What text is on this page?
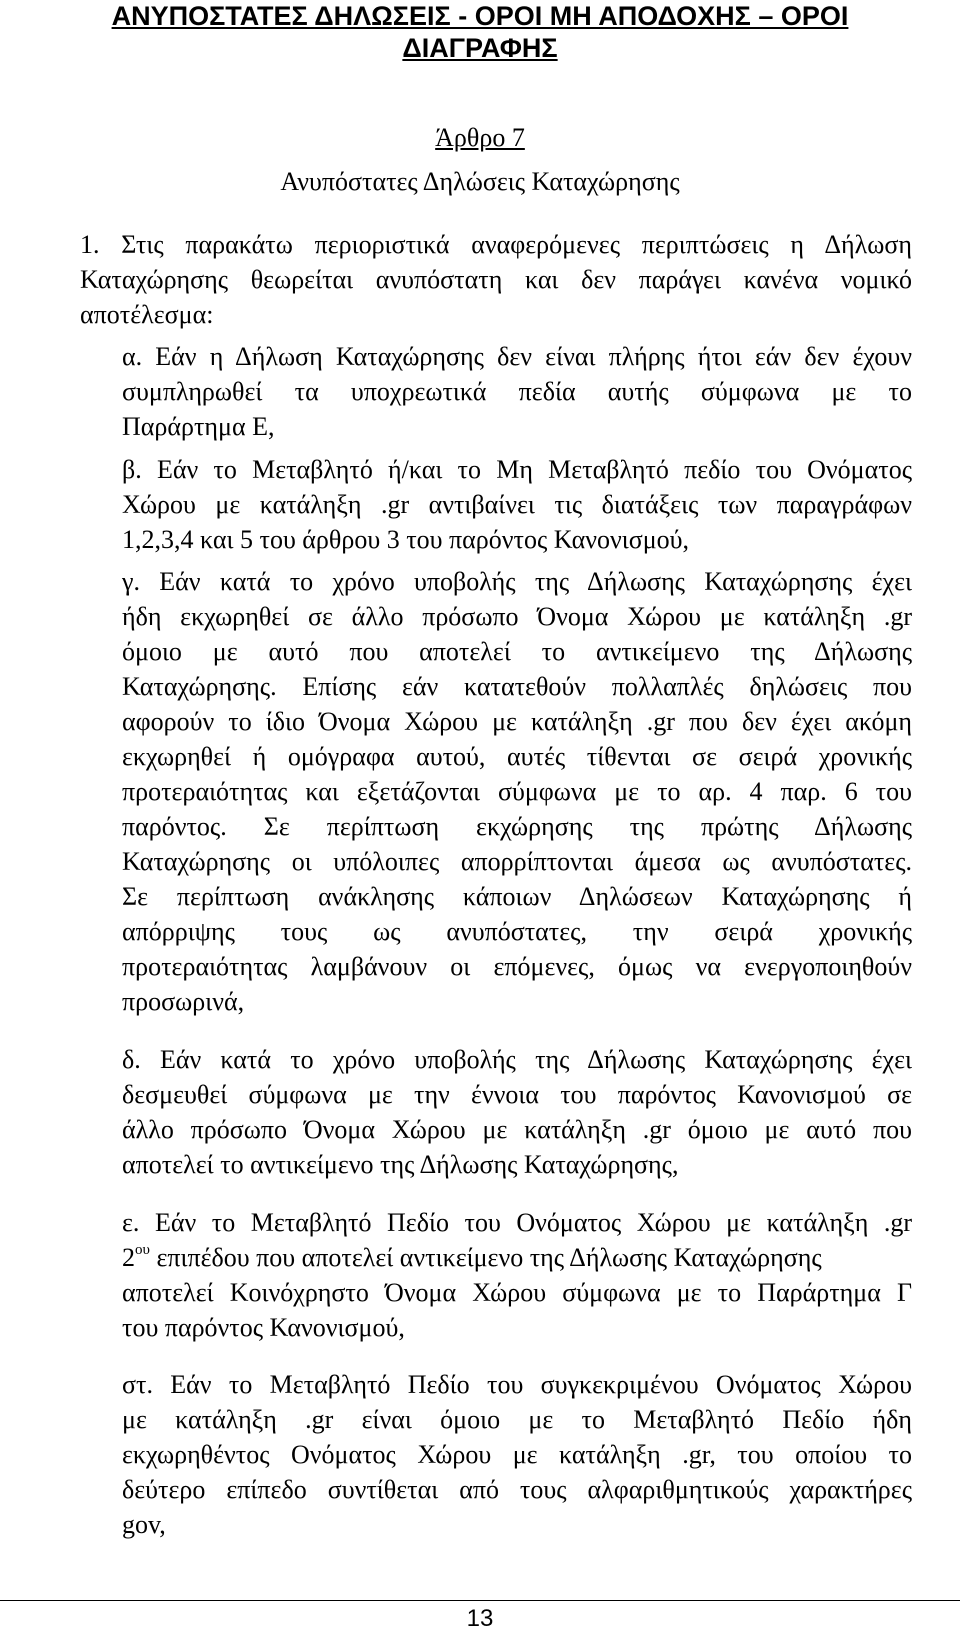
ΑΝΥΠΟΣΤΑΤΕΣ ΔΗΛΩΣΕΙΣ - ΟΡΟΙ ΜΗ ΑΠΟΔΟΧΗΣ – ΟΡΟΙ
ΔΙΑΓΡΑΦΗΣ
Άρθρο 7
Ανυπόστατες Δηλώσεις Καταχώρησης
1. Στις παρακάτω περιοριστικά αναφερόμενες περιπτώσεις η Δήλωση
Καταχώρησης θεωρείται ανυπόστατη και δεν παράγει κανένα νομικό
αποτέλεσμα:
α. Εάν η Δήλωση Καταχώρησης δεν είναι πλήρης ήτοι εάν δεν έχουν
συμπληρωθεί τα υποχρεωτικά πεδία αυτής σύμφωνα με το
Παράρτημα Ε,
β. Εάν το Μεταβλητό ή/και το Μη Μεταβλητό πεδίο του Ονόματος
Χώρου με κατάληξη .gr αντιβαίνει τις διατάξεις των παραγράφων
1,2,3,4 και 5 του άρθρου 3 του παρόντος Κανονισμού,
γ. Εάν κατά το χρόνο υποβολής της Δήλωσης Καταχώρησης έχει
ήδη εκχωρηθεί σε άλλο πρόσωπο Όνομα Χώρου με κατάληξη .gr
όμοιο με αυτό που αποτελεί το αντικείμενο της Δήλωσης
Καταχώρησης. Επίσης εάν κατατεθούν πολλαπλές δηλώσεις που
αφορούν το ίδιο Όνομα Χώρου με κατάληξη .gr που δεν έχει ακόμη
εκχωρηθεί ή ομόγραφα αυτού, αυτές τίθενται σε σειρά χρονικής
προτεραιότητας και εξετάζονται σύμφωνα με το αρ. 4 παρ. 6 του
παρόντος. Σε περίπτωση εκχώρησης της πρώτης Δήλωσης
Καταχώρησης οι υπόλοιπες απορρίπτονται άμεσα ως ανυπόστατες.
Σε περίπτωση ανάκλησης κάποιων Δηλώσεων Καταχώρησης ή
απόρριψης τους ως ανυπόστατες, την σειρά χρονικής
προτεραιότητας λαμβάνουν οι επόμενες, όμως να ενεργοποιηθούν
προσωρινά,
δ. Εάν κατά το χρόνο υποβολής της Δήλωσης Καταχώρησης έχει
δεσμευθεί σύμφωνα με την έννοια του παρόντος Κανονισμού σε
άλλο πρόσωπο Όνομα Χώρου με κατάληξη .gr όμοιο με αυτό που
αποτελεί το αντικείμενο της Δήλωσης Καταχώρησης,
ε. Εάν το Μεταβλητό Πεδίο του Ονόματος Χώρου με κατάληξη .gr
$2^{o\upsilon}$ επιπέδου που αποτελεί αντικείμενο της Δήλωσης Καταχώρησης
αποτελεί Κοινόχρηστο Όνομα Χώρου σύμφωνα με το Παράρτημα Γ
του παρόντος Κανονισμού,
στ. Εάν το Μεταβλητό Πεδίο του συγκεκριμένου Ονόματος Χώρου
με κατάληξη .gr είναι όμοιο με το Μεταβλητό Πεδίο ήδη
εκχωρηθέντος Ονόματος Χώρου με κατάληξη .gr, του οποίου το
δεύτερο επίπεδο συντίθεται από τους αλφαριθμητικούς χαρακτήρες
gov,
13
